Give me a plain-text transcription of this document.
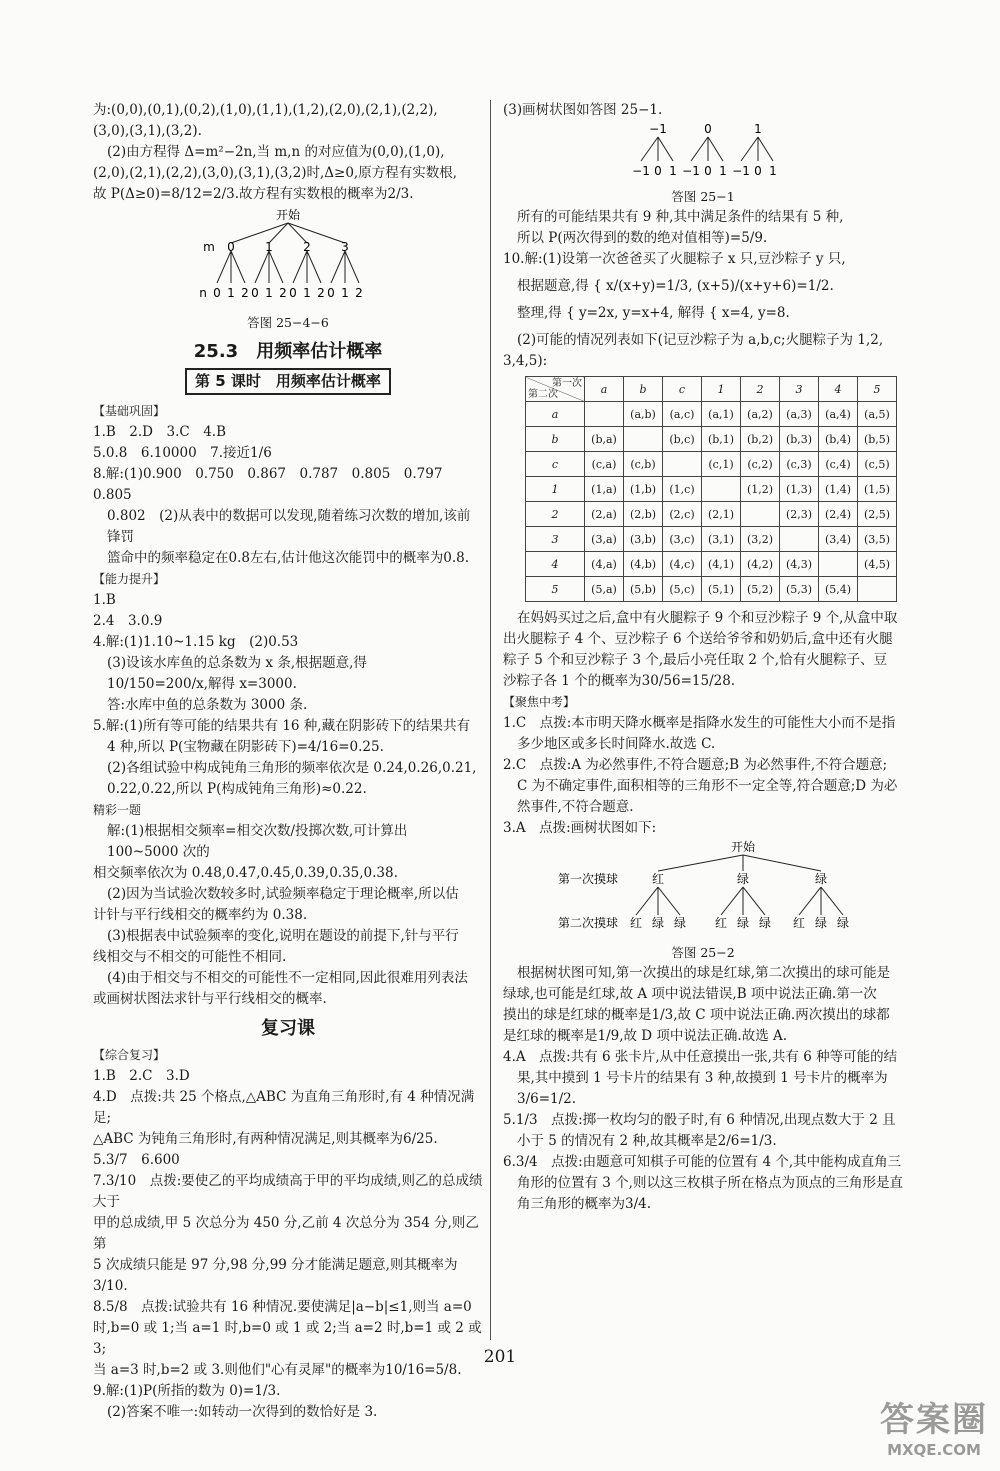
为:(0,0),(0,1),(0,2),(1,0),(1,1),(1,2),(2,0),(2,1),(2,2),

(3,0),(3,1),(3,2).

(2)由方程得 Δ=m²−2n,当 m,n 的对应值为(0,0),(1,0),

(2,0),(2,1),(2,2),(3,0),(3,1),(3,2)时,Δ≥0,原方程有实数根,

故 P(Δ≥0)=8/12=2/3.故方程有实数根的概率为2/3.

开始
m 0	1	2	3
n 0 1 2 0 1 2 0 1 2 0 1 2

答图 25−4−6

25.3　用频率估计概率
第 5 课时　用频率估计概率

【基础巩固】

1.B　2.D　3.C　4.B

5.0.8　6.10000　7.接近1/6

8.解:(1)0.900　0.750　0.867　0.787　0.805　0.797　0.805

0.802　(2)从表中的数据可以发现,随着练习次数的增加,该前锋罚

篮命中的频率稳定在0.8左右,估计他这次能罚中的概率为0.8.

【能力提升】

1.B

2.4　3.0.9

4.解:(1)1.10~1.15 kg　(2)0.53

(3)设该水库鱼的总条数为 x 条,根据题意,得

10/150=200/x,解得 x=3000.

答:水库中鱼的总条数为 3000 条.

5.解:(1)所有等可能的结果共有 16 种,藏在阴影砖下的结果共有

4 种,所以 P(宝物藏在阴影砖下)=4/16=0.25.

(2)各组试验中构成钝角三角形的频率依次是 0.24,0.26,0.21,

0.22,0.22,所以 P(构成钝角三角形)≈0.22.

精彩一题

解:(1)根据相交频率=相交次数/投掷次数,可计算出 100~5000 次的

相交频率依次为 0.48,0.47,0.45,0.39,0.35,0.38.

(2)因为当试验次数较多时,试验频率稳定于理论概率,所以估

计针与平行线相交的概率约为 0.38.

(3)根据表中试验频率的变化,说明在题设的前提下,针与平行

线相交与不相交的可能性不相同.

(4)由于相交与不相交的可能性不一定相同,因此很难用列表法

或画树状图法求针与平行线相交的概率.

复习课

【综合复习】

1.B　2.C　3.D

4.D　点拨:共 25 个格点,△ABC 为直角三角形时,有 4 种情况满足;

△ABC 为钝角三角形时,有两种情况满足,则其概率为6/25.

5.3/7　6.600

7.3/10　点拨:要使乙的平均成绩高于甲的平均成绩,则乙的总成绩大于

甲的总成绩,甲 5 次总分为 450 分,乙前 4 次总分为 354 分,则乙第

5 次成绩只能是 97 分,98 分,99 分才能满足题意,则其概率为3/10.

8.5/8　点拨:试验共有 16 种情况.要使满足|a−b|≤1,则当 a=0

时,b=0 或 1;当 a=1 时,b=0 或 1 或 2;当 a=2 时,b=1 或 2 或 3;

当 a=3 时,b=2 或 3.则他们"心有灵犀"的概率为10/16=5/8.

9.解:(1)P(所指的数为 0)=1/3.

(2)答案不唯一:如转动一次得到的数恰好是 3.

(3)画树状图如答图 25−1.

−1	0	1
−1 0 1 −1 0 1 −1 0 1

答图 25−1

所有的可能结果共有 9 种,其中满足条件的结果有 5 种,

所以 P(两次得到的数的绝对值相等)=5/9.

10.解:(1)设第一次爸爸买了火腿粽子 x 只,豆沙粽子 y 只,

根据题意,得 { x/(x+y)=1/3, (x+5)/(x+y+6)=1/2.

整理,得 { y=2x, y=x+4, 解得 { x=4, y=8.

(2)可能的情况列表如下(记豆沙粽子为 a,b,c;火腿粽子为 1,2,

3,4,5):

第一次
第二次	a	b	c	1	2	3	4	5
a		(a,b)	(a,c)	(a,1)	(a,2)	(a,3)	(a,4)	(a,5)
b	(b,a)		(b,c)	(b,1)	(b,2)	(b,3)	(b,4)	(b,5)
c	(c,a)	(c,b)		(c,1)	(c,2)	(c,3)	(c,4)	(c,5)
1	(1,a)	(1,b)	(1,c)		(1,2)	(1,3)	(1,4)	(1,5)
2	(2,a)	(2,b)	(2,c)	(2,1)		(2,3)	(2,4)	(2,5)
3	(3,a)	(3,b)	(3,c)	(3,1)	(3,2)		(3,4)	(3,5)
4	(4,a)	(4,b)	(4,c)	(4,1)	(4,2)	(4,3)		(4,5)
5	(5,a)	(5,b)	(5,c)	(5,1)	(5,2)	(5,3)	(5,4)	

在妈妈买过之后,盒中有火腿粽子 9 个和豆沙粽子 9 个,从盒中取

出火腿粽子 4 个、豆沙粽子 6 个送给爷爷和奶奶后,盒中还有火腿

粽子 5 个和豆沙粽子 3 个,最后小亮任取 2 个,恰有火腿粽子、豆

沙粽子各 1 个的概率为30/56=15/28.

【聚焦中考】

1.C　点拨:本市明天降水概率是指降水发生的可能性大小而不是指

多少地区或多长时间降水.故选 C.

2.C　点拨:A 为必然事件,不符合题意;B 为必然事件,不符合题意;

C 为不确定事件,面积相等的三角形不一定全等,符合题意;D 为必

然事件,不符合题意.

3.A　点拨:画树状图如下:

开始
第一次摸球	红	绿	绿
第二次摸球 红 绿 绿 红 绿 绿 红 绿 绿

答图 25−2

根据树状图可知,第一次摸出的球是红球,第二次摸出的球可能是

绿球,也可能是红球,故 A 项中说法错误,B 项中说法正确.第一次

摸出的球是红球的概率是1/3,故 C 项中说法正确.两次摸出的球都

是红球的概率是1/9,故 D 项中说法正确.故选 A.

4.A　点拨:共有 6 张卡片,从中任意摸出一张,共有 6 种等可能的结

果,其中摸到 1 号卡片的结果有 3 种,故摸到 1 号卡片的概率为

3/6=1/2.

5.1/3　点拨:掷一枚均匀的骰子时,有 6 种情况,出现点数大于 2 且

小于 5 的情况有 2 种,故其概率是2/6=1/3.

6.3/4　点拨:由题意可知棋子可能的位置有 4 个,其中能构成直角三

角形的位置有 3 个,则以这三枚棋子所在格点为顶点的三角形是直

角三角形的概率为3/4.

201
答案圈
MXQE.COM
